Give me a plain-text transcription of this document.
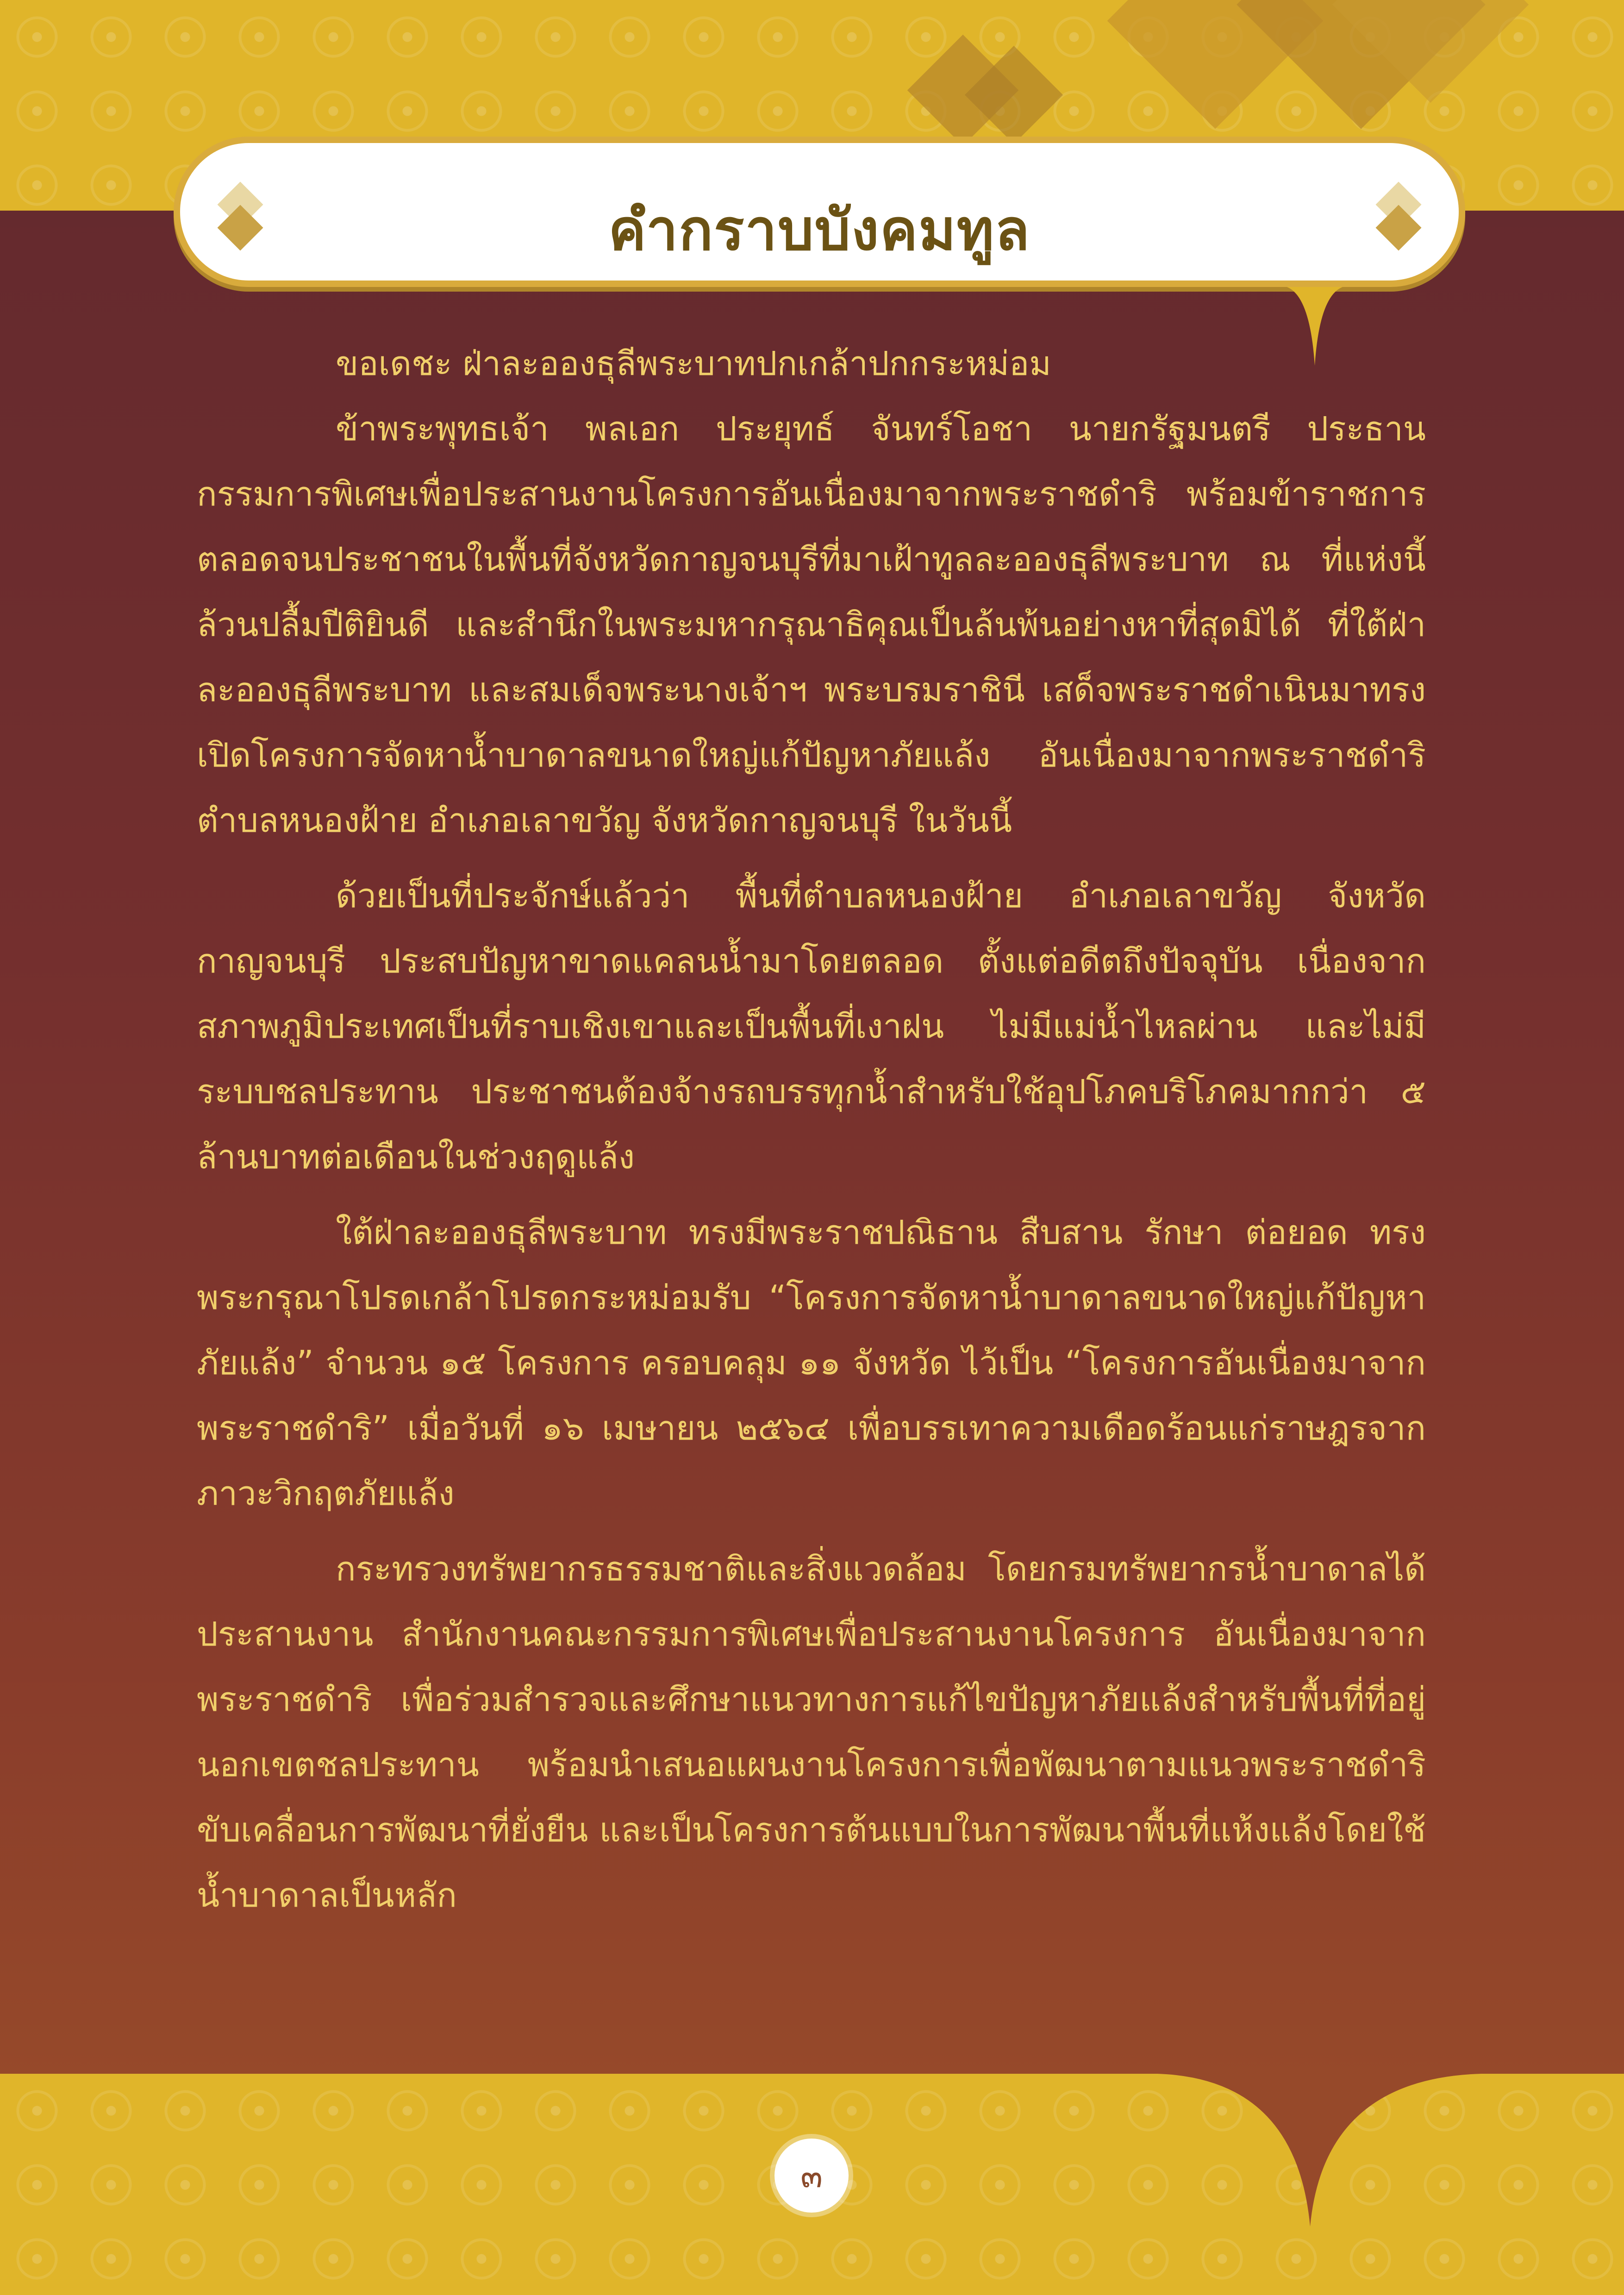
คำกราบบังคมทูล

ขอเดชะ ฝ่าละอองธุลีพระบาทปกเกล้าปกกระหม่อม

ข้าพระพุทธเจ้า พลเอก ประยุทธ์ จันทร์โอชา นายกรัฐมนตรี ประธานกรรมการพิเศษเพื่อประสานงานโครงการอันเนื่องมาจากพระราชดำริ พร้อมข้าราชการ ตลอดจนประชาชนในพื้นที่จังหวัดกาญจนบุรีที่มาเฝ้าทูลละอองธุลีพระบาท ณ ที่แห่งนี้ ล้วนปลื้มปีติยินดี และสำนึกในพระมหากรุณาธิคุณเป็นล้นพ้นอย่างหาที่สุดมิได้ ที่ใต้ฝ่าละอองธุลีพระบาท และสมเด็จพระนางเจ้าฯ พระบรมราชินี เสด็จพระราชดำเนินมาทรงเปิดโครงการจัดหาน้ำบาดาลขนาดใหญ่แก้ปัญหาภัยแล้ง อันเนื่องมาจากพระราชดำริ ตำบลหนองฝ้าย อำเภอเลาขวัญ จังหวัดกาญจนบุรี ในวันนี้

ด้วยเป็นที่ประจักษ์แล้วว่า พื้นที่ตำบลหนองฝ้าย อำเภอเลาขวัญ จังหวัดกาญจนบุรี ประสบปัญหาขาดแคลนน้ำมาโดยตลอด ตั้งแต่อดีตถึงปัจจุบัน เนื่องจากสภาพภูมิประเทศเป็นที่ราบเชิงเขาและเป็นพื้นที่เงาฝน ไม่มีแม่น้ำไหลผ่าน และไม่มีระบบชลประทาน ประชาชนต้องจ้างรถบรรทุกน้ำสำหรับใช้อุปโภคบริโภคมากกว่า ๕ ล้านบาทต่อเดือนในช่วงฤดูแล้ง

ใต้ฝ่าละอองธุลีพระบาท ทรงมีพระราชปณิธาน สืบสาน รักษา ต่อยอด ทรงพระกรุณาโปรดเกล้าโปรดกระหม่อมรับ “โครงการจัดหาน้ำบาดาลขนาดใหญ่แก้ปัญหาภัยแล้ง” จำนวน ๑๕ โครงการ ครอบคลุม ๑๑ จังหวัด ไว้เป็น “โครงการอันเนื่องมาจากพระราชดำริ” เมื่อวันที่ ๑๖ เมษายน ๒๕๖๔ เพื่อบรรเทาความเดือดร้อนแก่ราษฎรจากภาวะวิกฤตภัยแล้ง

กระทรวงทรัพยากรธรรมชาติและสิ่งแวดล้อม โดยกรมทรัพยากรน้ำบาดาลได้ประสานงาน สำนักงานคณะกรรมการพิเศษเพื่อประสานงานโครงการ อันเนื่องมาจากพระราชดำริ เพื่อร่วมสำรวจและศึกษาแนวทางการแก้ไขปัญหาภัยแล้งสำหรับพื้นที่ที่อยู่นอกเขตชลประทาน พร้อมนำเสนอแผนงานโครงการเพื่อพัฒนาตามแนวพระราชดำริ ขับเคลื่อนการพัฒนาที่ยั่งยืน และเป็นโครงการต้นแบบในการพัฒนาพื้นที่แห้งแล้งโดยใช้น้ำบาดาลเป็นหลัก

๓
